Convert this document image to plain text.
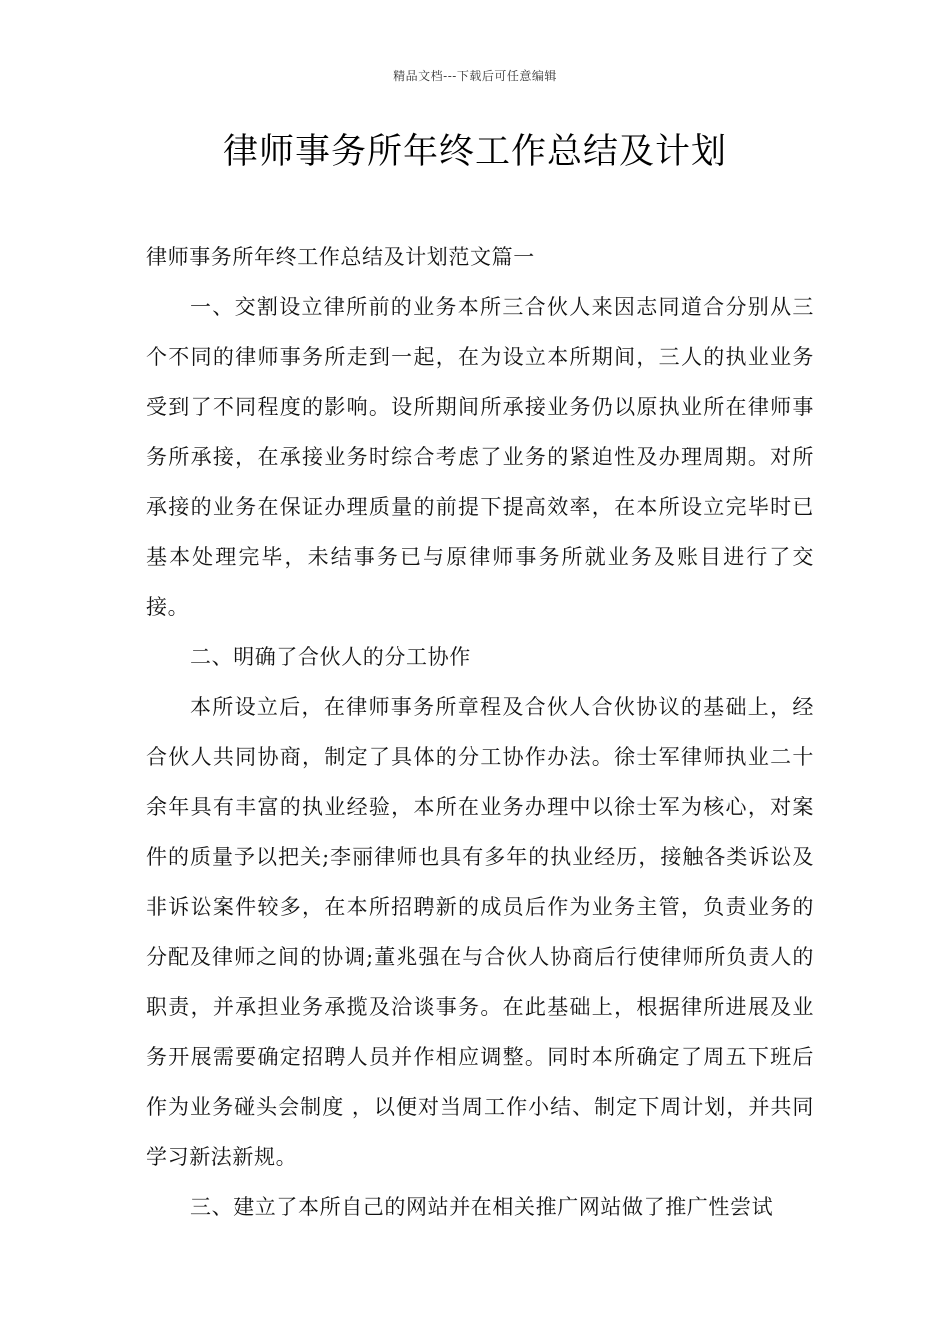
精品文档---下载后可任意编辑
律师事务所年终工作总结及计划

律师事务所年终工作总结及计划范文篇一

一、交割设立律所前的业务本所三合伙人来因志同道合分别从三个不同的律师事务所走到一起，在为设立本所期间，三人的执业业务受到了不同程度的影响。设所期间所承接业务仍以原执业所在律师事务所承接，在承接业务时综合考虑了业务的紧迫性及办理周期。对所承接的业务在保证办理质量的前提下提高效率，在本所设立完毕时已基本处理完毕，未结事务已与原律师事务所就业务及账目进行了交接。

二、明确了合伙人的分工协作

本所设立后，在律师事务所章程及合伙人合伙协议的基础上，经合伙人共同协商，制定了具体的分工协作办法。徐士军律师执业二十余年具有丰富的执业经验，本所在业务办理中以徐士军为核心，对案件的质量予以把关;李丽律师也具有多年的执业经历，接触各类诉讼及非诉讼案件较多，在本所招聘新的成员后作为业务主管，负责业务的分配及律师之间的协调;董兆强在与合伙人协商后行使律师所负责人的职责，并承担业务承揽及洽谈事务。在此基础上，根据律所进展及业务开展需要确定招聘人员并作相应调整。同时本所确定了周五下班后作为业务碰头会制度 ，以便对当周工作小结、制定下周计划，并共同学习新法新规。

三、建立了本所自己的网站并在相关推广网站做了推广性尝试
